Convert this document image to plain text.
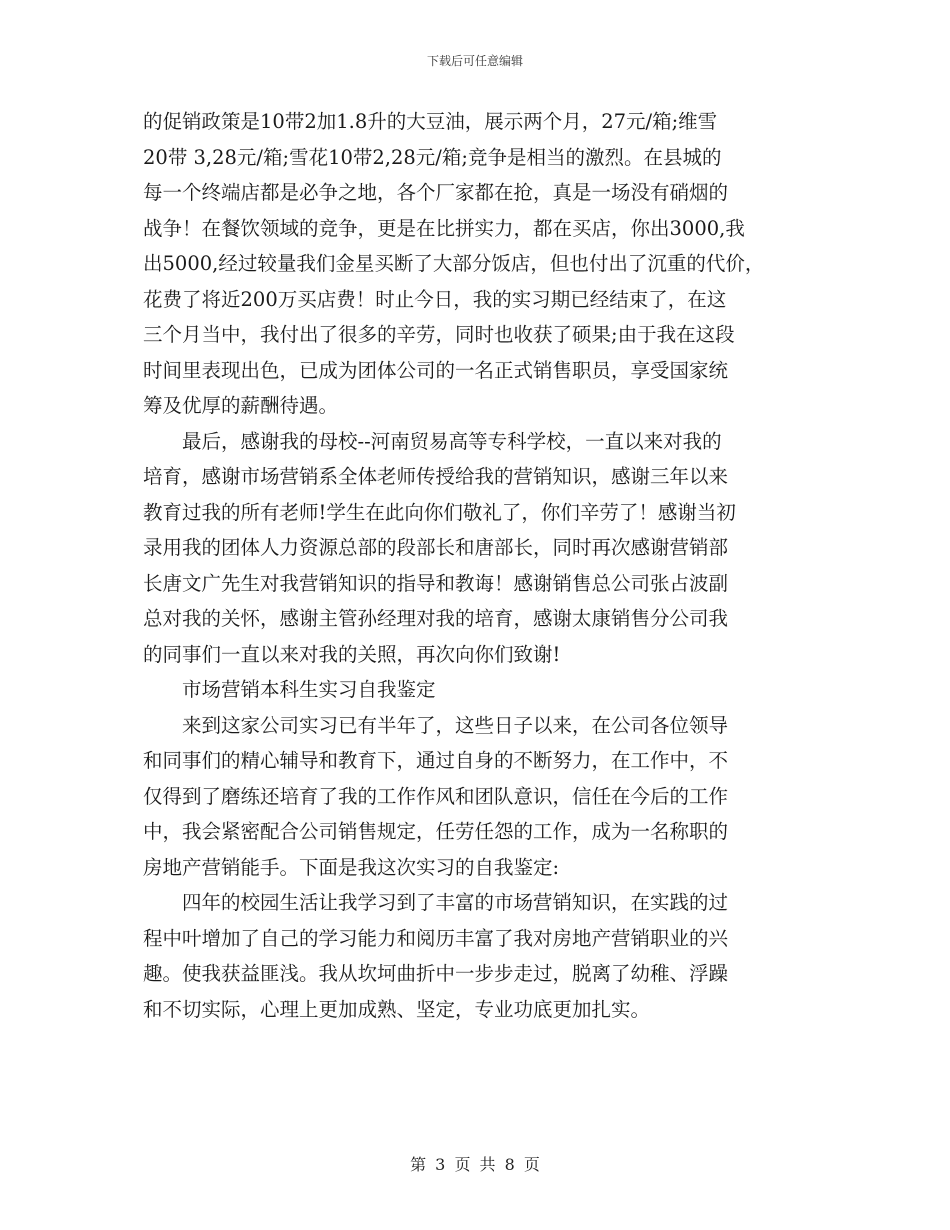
下载后可任意编辑
的促销政策是10带2加1.8升的大豆油，展示两个月，27元/箱;维雪
20带 3,28元/箱;雪花10带2,28元/箱;竞争是相当的激烈。在县城的
每一个终端店都是必争之地，各个厂家都在抢，真是一场没有硝烟的
战争！在餐饮领域的竞争，更是在比拼实力，都在买店，你出3000,我
出5000,经过较量我们金星买断了大部分饭店，但也付出了沉重的代价，
花费了将近200万买店费！时止今日，我的实习期已经结束了，在这
三个月当中，我付出了很多的辛劳，同时也收获了硕果;由于我在这段
时间里表现出色，已成为团体公司的一名正式销售职员，享受国家统
筹及优厚的薪酬待遇。
　　最后，感谢我的母校--河南贸易高等专科学校，一直以来对我的
培育，感谢市场营销系全体老师传授给我的营销知识，感谢三年以来
教育过我的所有老师!学生在此向你们敬礼了，你们辛劳了！感谢当初
录用我的团体人力资源总部的段部长和唐部长，同时再次感谢营销部
长唐文广先生对我营销知识的指导和教诲！感谢销售总公司张占波副
总对我的关怀，感谢主管孙经理对我的培育，感谢太康销售分公司我
的同事们一直以来对我的关照，再次向你们致谢!
　　市场营销本科生实习自我鉴定
　　来到这家公司实习已有半年了，这些日子以来，在公司各位领导
和同事们的精心辅导和教育下，通过自身的不断努力，在工作中，不
仅得到了磨练还培育了我的工作作风和团队意识，信任在今后的工作
中，我会紧密配合公司销售规定，任劳任怨的工作，成为一名称职的
房地产营销能手。下面是我这次实习的自我鉴定:
　　四年的校园生活让我学习到了丰富的市场营销知识，在实践的过
程中叶增加了自己的学习能力和阅历丰富了我对房地产营销职业的兴
趣。使我获益匪浅。我从坎坷曲折中一步步走过，脱离了幼稚、浮躁
和不切实际，心理上更加成熟、坚定，专业功底更加扎实。
第 3 页 共 8 页
